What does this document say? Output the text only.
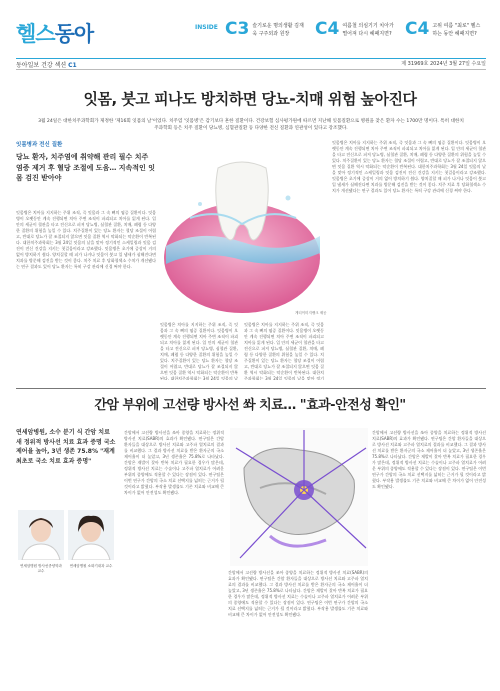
헬스동아	INSIDE C3 슬기로운 명의생활 김재욱 구주외과 원장	C4 여름철 의심기기 치아가 떨어져 다시 헤패지면? C4 고위 여름 "최로" 헬스 하는 동안 헤패지면?
동아일보 건강 섹션 C1	제 31969호 2024년 3월 27일 수요일
잇몸, 붓고 피나도 방치하면 당뇨-치매 위험 높아진다
3월 24일은 대한치주과학회가 제정한 '제16회 잇몸의 날'이었다. 치주염 '잇몸병'은 감기보다 흔한 질환이다. 건강보험 심사평가원에 따르면 지난해 잇몸질환으로 병원을 찾은 환자 수는 1700만 명이다. 특히 대한치주과학회 등은 치주 질환이 당뇨병, 심혈관질환 등 다양한 전신 질환과 연관성이 있다고 강조했다.
잇몸병과 전신 질환
당뇨 환자, 치주염에 취약해 관리 필수 치주 염증 제거 후 혈당 조절에 도움… 지속적인 잇몸 검진 받아야
게티이미지뱅크 제공
잇몸병은 치아를 지지하는 주위 조직, 즉 잇몸과 그 속 뼈의 염증 질환이다. 잇몸병이 오랫동안 계속 진행되면 치아 주변 조직이 파괴되고 치아를 잃게 된다. 입 안의 세균이 혈관을 타고 전신으로 퍼져 당뇨병, 심혈관 질환, 치매, 폐렴 등 다양한 질환의 위험을 높일 수 있다. 치주질환이 있는 당뇨 환자는 혈당 조절이 어렵고, 반대로 당뇨가 잘 조절되지 않으면 잇몸 질환 역시 악화되는 악순환이 반복된다. 대한치주과학회는 3월 24일 잇몸의 날을 맞아 정기적인 스케일링과 잇몸 검진이 전신 건강을 지키는 첫걸음이라고 강조했다. 잇몸병은 초기에 증상이 거의 없어 방치하기 쉽다. 양치질할 때 피가 나거나 잇몸이 붓고 입 냄새가 심해진다면 치과를 방문해 검진을 받는 것이 좋다. 치주 치료 후 당화혈색소 수치가 개선됐다는 연구 결과도 있어 당뇨 환자는 특히 구강 관리에 신경 써야 한다.
잇몸병은 치아를 지지하는 주위 조직, 즉 잇몸과 그 속 뼈의 염증 질환이다. 잇몸병이 오랫동안 계속 진행되면 치아 주변 조직이 파괴되고 치아를 잃게 된다. 입 안의 세균이 혈관을 타고 전신으로 퍼져 당뇨병, 심혈관 질환, 치매, 폐렴 등 다양한 질환의 위험을 높일 수 있다. 치주질환이 있는 당뇨 환자는 혈당 조절이 어렵고, 반대로 당뇨가 잘 조절되지 않으면 잇몸 질환 역시 악화되는 악순환이 반복된다. 대한치주과학회는 3월 24일 잇몸의 날
잇몸병은 치아를 지지하는 주위 조직, 즉 잇몸과 그 속 뼈의 염증 질환이다. 잇몸병이 오랫동안 계속 진행되면 치아 주변 조직이 파괴되고 치아를 잃게 된다. 입 안의 세균이 혈관을 타고 전신으로 퍼져 당뇨병, 심혈관 질환, 치매, 폐렴 등 다양한 질환의 위험을 높일 수 있다. 치주질환이 있는 당뇨 환자는 혈당 조절이 어렵고, 반대로 당뇨가 잘 조절되지 않으면 잇몸 질환 역시 악화되는 악순환이 반복된다. 대한치주과학회는 3월 24일 잇몸의 날을 맞아 정기
잇몸병은 치아를 지지하는 주위 조직, 즉 잇몸과 그 속 뼈의 염증 질환이다. 잇몸병이 오랫동안 계속 진행되면 치아 주변 조직이 파괴되고 치아를 잃게 된다. 입 안의 세균이 혈관을 타고 전신으로 퍼져 당뇨병, 심혈관 질환, 치매, 폐렴 등 다양한 질환의 위험을 높일 수 있다. 치주질환이 있는 당뇨 환자는 혈당 조절이 어렵고, 반대로 당뇨가 잘 조절되지 않으면 잇몸 질환 역시 악화되는 악순환이 반복된다. 대한치주과학회는 3월 24일 잇몸의 날을 맞아 정기적인 스케일링과 잇몸 검진이 전신 건강을 지키는 첫걸음이라고 강조했다. 잇몸병은 초기에 증상이 거의 없어 방치하기 쉽다. 양치질할 때 피가 나거나 잇몸이 붓고 입 냄새가 심해진다면 치과를 방문해 검진을 받는 것이 좋다. 치주 치료 후 당화혈색소 수치가 개선됐다는 연구 결과도 있어 당뇨 환자는 특히 구강 관리에 신경 써야 한다.
간암 부위에 고선량 방사선 쏴 치료… "효과-안전성 확인"
연세암병원, 소수 분기 식 간암 치료 새 정위적 방사선 치료 효과 증명 국소 제어율 높아, 3년 생존 75.8% "재계 최초로 국소 치료 효과 증명"
연세암병원 방사선종양학과 교수
연세암병원 소화기내과 교수
간암에서 고선량 방사선을 쏘아 종양을 치료하는 정위적 방사선 치료(SABR)의 효과가 확인됐다. 연구팀은 간암 환자들을 대상으로 방사선 치료와 고주파 열치료의 결과를 비교했다. 그 결과 방사선 치료를 받은 환자군의 국소 제어율이 더 높았고, 3년 생존율은 75.8%로 나타났다. 간암은 재발이 잦아 반복 치료가 필요한 경우가 많은데, 정위적 방사선 치료는 수술이나 고주파 열치료가 어려운 부위의 종양에도 적용할 수 있다는 장점이 있다. 연구팀은 이번 연구가 간암의 국소 치료 선택지를 넓히는 근거가 될 것이라고 밝혔다. 부작용 발생률도 기존 치료와 비교해 큰 차이가 없어 안전성도 확인됐다.
간암에서 고선량 방사선을 쏘아 종양을 치료하는 정위적 방사선 치료(SABR)의 효과가 확인됐다. 연구팀은 간암 환자들을 대상으로 방사선 치료와 고주파 열치료의 결과를 비교했다. 그 결과 방사선 치료를 받은 환자군의 국소 제어율이 더 높았고, 3년 생존율은 75.8%로 나타났다. 간암은 재발이 잦아 반복 치료가 필요한 경우가 많은데, 정위적 방사선 치료는 수술이나 고주파 열치료가 어려운 부위의 종양에도 적용할 수 있다는 장점이 있다. 연구팀은 이번 연구가 간암의 국소 치료 선택지를 넓히는 근거가 될 것이라고 밝혔다. 부작용 발생률도 기존 치료와 비교해 큰 차이가 없어 안전성도 확인됐다.
간암에서 고선량 방사선을 쏘아 종양을 치료하는 정위적 방사선 치료(SABR)의 효과가 확인됐다. 연구팀은 간암 환자들을 대상으로 방사선 치료와 고주파 열치료의 결과를 비교했다. 그 결과 방사선 치료를 받은 환자군의 국소 제어율이 더 높았고, 3년 생존율은 75.8%로 나타났다. 간암은 재발이 잦아 반복 치료가 필요한 경우가 많은데, 정위적 방사선 치료는 수술이나 고주파 열치료가 어려운 부위의 종양에도 적용할 수 있다는 장점이 있다. 연구팀은 이번 연구가 간암의 국소 치료 선택지를 넓히는 근거가 될 것이라고 밝혔다. 부작용 발생률도 기존 치료와 비교해 큰 차이가 없어 안전성도 확인됐다.
